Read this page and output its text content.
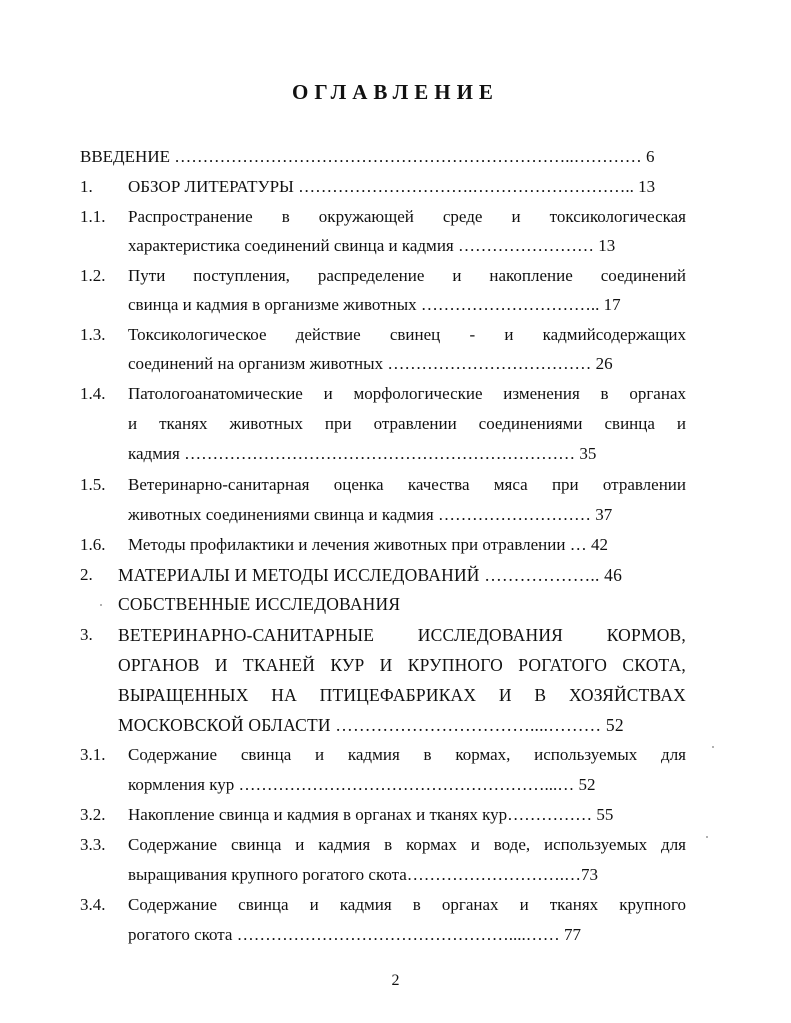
ОГЛАВЛЕНИЕ
ВВЕДЕНИЕ ……………………………………………………………..………… 6
1. ОБЗОР ЛИТЕРАТУРЫ ………………………….……………………….. 13
1.1. Распространение в окружающей среде и токсикологическая
характеристика соединений свинца и кадмия …………………… 13
1.2. Пути поступления, распределение и накопление соединений
свинца и кадмия в организме животных ………………………….. 17
1.3. Токсикологическое действие свинец - и кадмийсодержащих
соединений на организм животных ……………………………… 26
1.4. Патологоанатомические и морфологические изменения в органах
и тканях животных при отравлении соединениями свинца и
кадмия …………………………………………………………… 35
1.5. Ветеринарно-санитарная оценка качества мяса при отравлении
животных соединениями свинца и кадмия ……………………… 37
1.6. Методы профилактики и лечения животных при отравлении … 42
2. МАТЕРИАЛЫ И МЕТОДЫ ИССЛЕДОВАНИЙ ……………….. 46
СОБСТВЕННЫЕ ИССЛЕДОВАНИЯ
3. ВЕТЕРИНАРНО-САНИТАРНЫЕ ИССЛЕДОВАНИЯ КОРМОВ,
ОРГАНОВ И ТКАНЕЙ КУР И КРУПНОГО РОГАТОГО СКОТА,
ВЫРАЩЕННЫХ НА ПТИЦЕФАБРИКАХ И В ХОЗЯЙСТВАХ
МОСКОВСКОЙ ОБЛАСТИ ……………………………....……… 52
3.1. Содержание свинца и кадмия в кормах, используемых для
кормления кур ………………………………………………...… 52
3.2. Накопление свинца и кадмия в органах и тканях кур…………… 55
3.3. Содержание свинца и кадмия в кормах и воде, используемых для
выращивания крупного рогатого скота……………………….…73
3.4. Содержание свинца и кадмия в органах и тканях крупного
рогатого скота …………………………………………....…… 77
2
